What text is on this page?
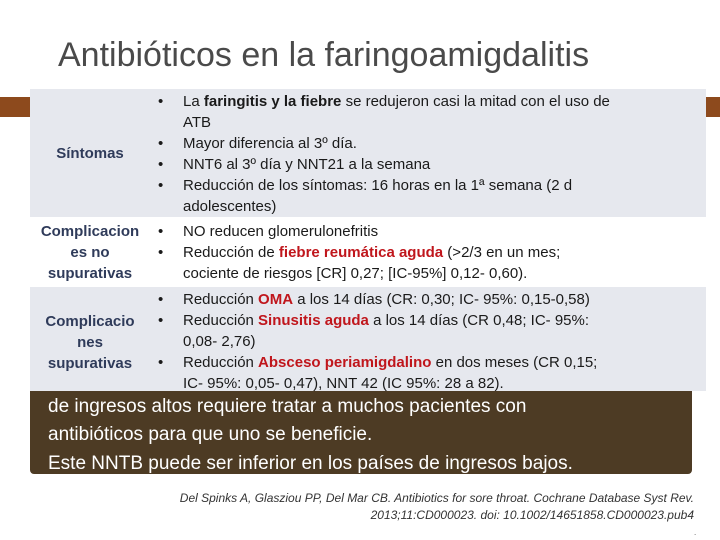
Antibióticos en la faringoamigdalitis
de ingresos altos requiere tratar a muchos pacientes con
antibióticos para que uno se beneficie.
Este NNTB puede ser inferior en los países de ingresos bajos.
Síntomas
• La faringitis y la fiebre se redujeron casi la mitad con el uso de
ATB
• Mayor diferencia al 3º día.
• NNT6 al 3º día y NNT21 a la semana
• Reducción de los síntomas: 16 horas en la 1ª semana (2 d
adolescentes)
Complicacion
es no
supurativas
• NO reducen glomerulonefritis
• Reducción de fiebre reumática aguda (>2/3 en un mes;
cociente de riesgos [CR] 0,27; [IC-95%] 0,12- 0,60).
Complicacio
nes
supurativas
• Reducción OMA a los 14 días (CR: 0,30; IC- 95%: 0,15-0,58)
• Reducción Sinusitis aguda a los 14 días (CR 0,48; IC- 95%:
0,08- 2,76)
• Reducción Absceso periamigdalino en dos meses (CR 0,15;
IC- 95%: 0,05- 0,47), NNT 42 (IC 95%: 28 a 82).
Del Spinks A, Glasziou PP, Del Mar CB. Antibiotics for sore throat. Cochrane Database Syst Rev.
2013;11:CD000023. doi: 10.1002/14651858.CD000023.pub4
.
